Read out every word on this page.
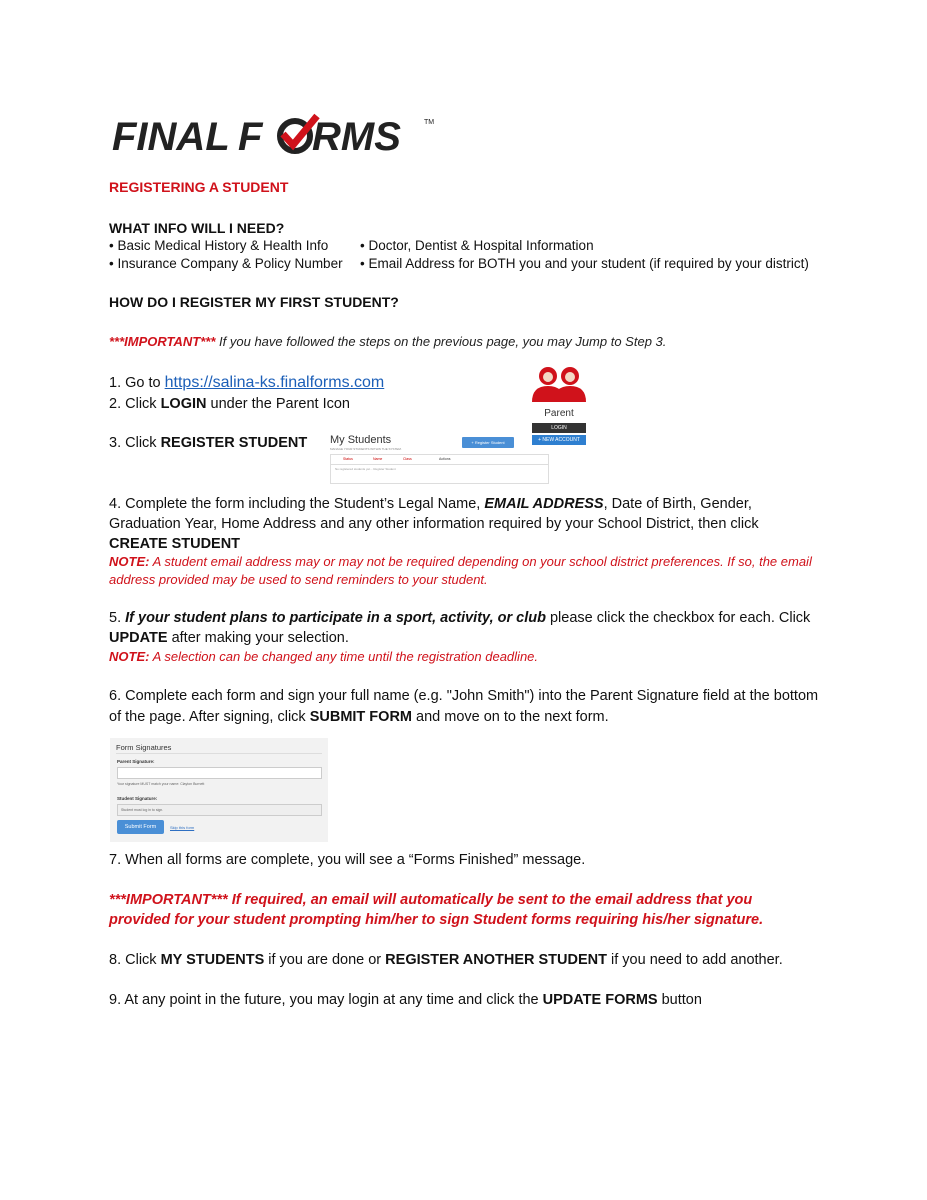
FINAL F RMS	TM
REGISTERING A STUDENT
WHAT INFO WILL I NEED?
• Basic Medical History & Health Info • Doctor, Dentist & Hospital Information
• Insurance Company & Policy Number • Email Address for BOTH you and your student (if required by your district)
HOW DO I REGISTER MY FIRST STUDENT?
***IMPORTANT*** If you have followed the steps on the previous page, you may Jump to Step 3.
1. Go to https://salina-ks.finalforms.com
2. Click LOGIN under the Parent Icon
3. Click REGISTER STUDENT My Students
MANAGE YOUR STUDENTS WITHIN THE SYSTEM.
+ Register Student
Status	Name	Class	Actions
No registered students yet... Register Student
Parent
LOGIN
+ NEW ACCOUNT
4. Complete the form including the Student’s Legal Name, EMAIL ADDRESS, Date of Birth, Gender, Graduation Year, Home Address and any other information required by your School District, then click CREATE STUDENT
NOTE: A student email address may or may not be required depending on your school district preferences. If so, the email address provided may be used to send reminders to your student.
5. If your student plans to participate in a sport, activity, or club please click the checkbox for each. Click UPDATE after making your selection.
NOTE: A selection can be changed any time until the registration deadline.
6. Complete each form and sign your full name (e.g. "John Smith") into the Parent Signature field at the bottom of the page. After signing, click SUBMIT FORM and move on to the next form.
Form Signatures
Parent Signature:
Your signature MUST match your name: Clayton Burnett
Student Signature:
Student must log in to sign.
Submit Form	Skip this form
7. When all forms are complete, you will see a “Forms Finished” message.
***IMPORTANT*** If required, an email will automatically be sent to the email address that you provided for your student prompting him/her to sign Student forms requiring his/her signature.
8. Click MY STUDENTS if you are done or REGISTER ANOTHER STUDENT if you need to add another.
9. At any point in the future, you may login at any time and click the UPDATE FORMS button
